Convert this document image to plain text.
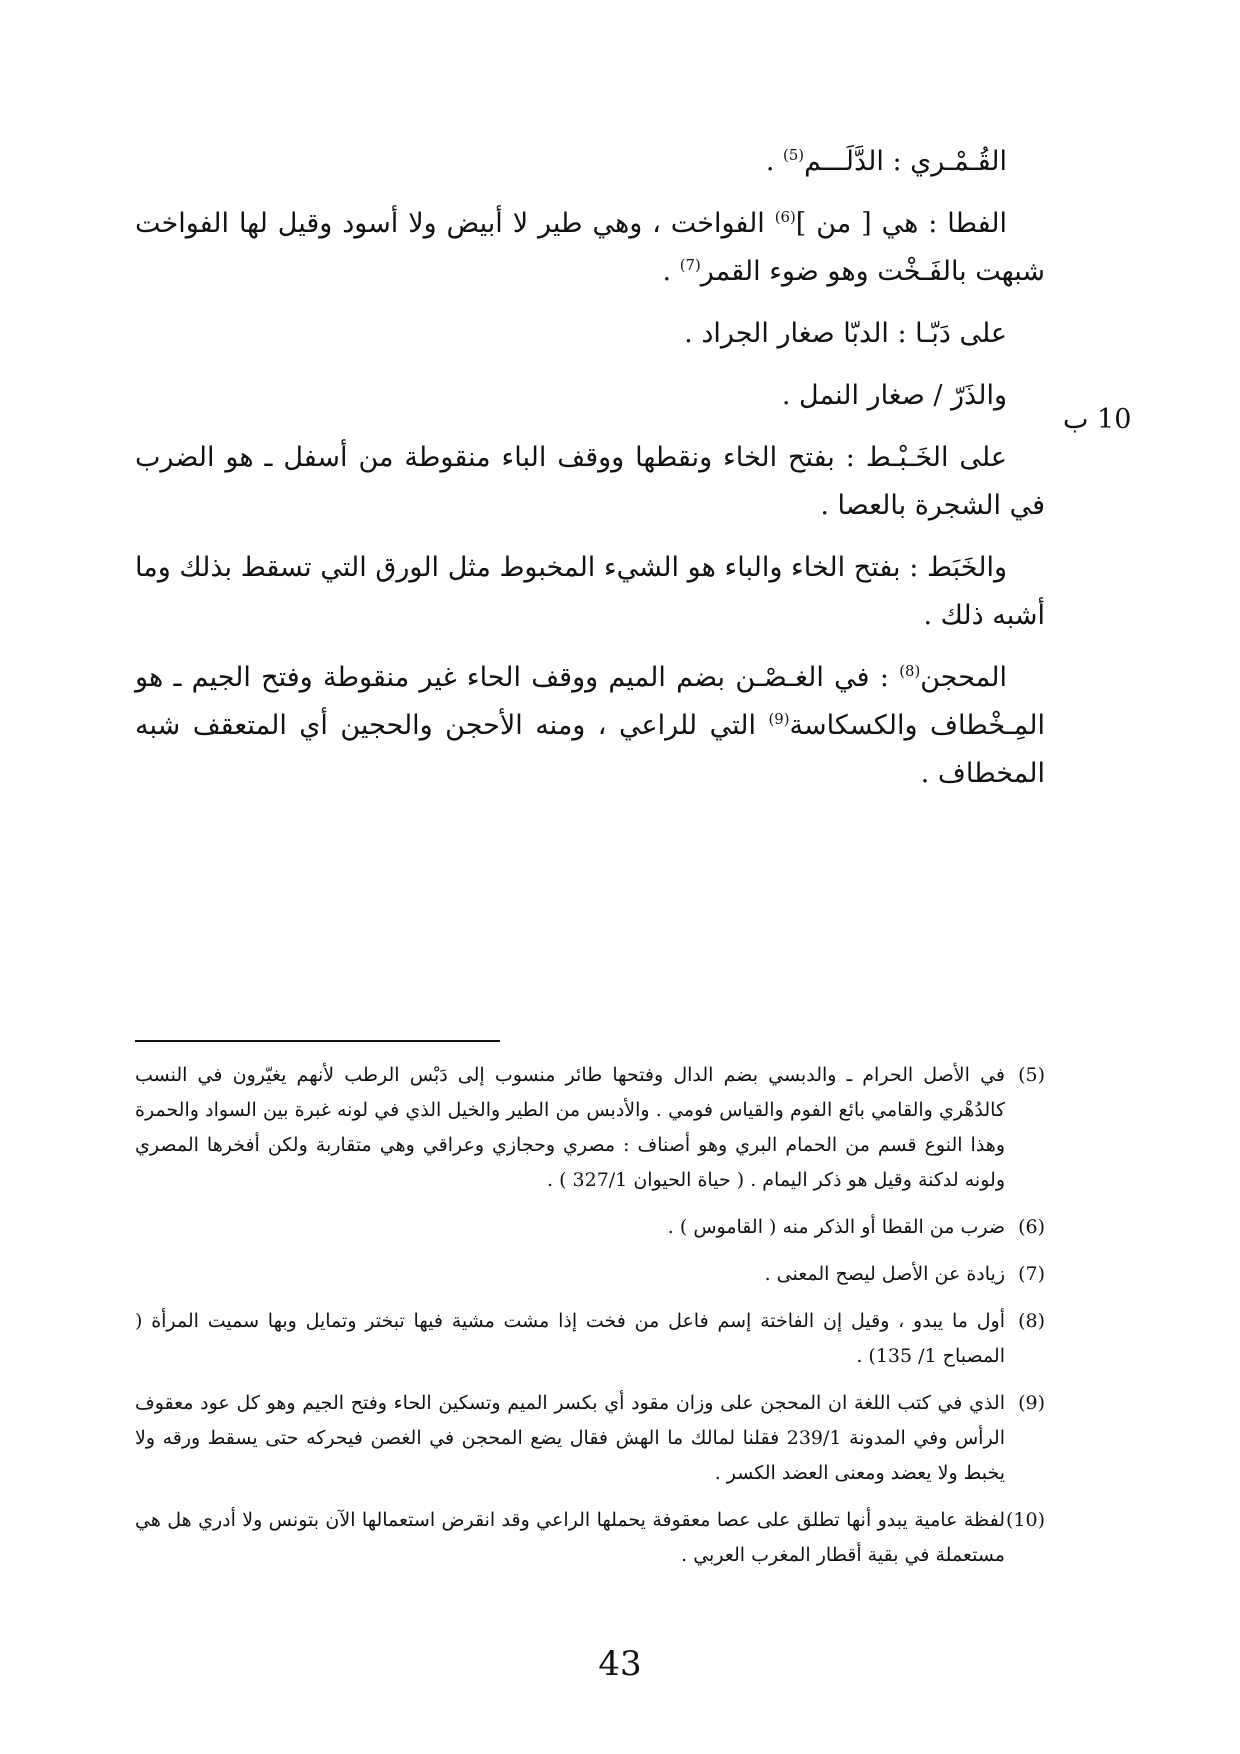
القُـمْـري : الدَّلَـــم$^{(5)}$ .

الفطا : هي [ من ]$^{(6)}$ الفواخت ، وهي طير لا أبيض ولا أسود وقيل لها الفواخت شبهت بالفَـخْت وهو ضوء القمر$^{(7)}$ .

على دَبّـا : الدبّا صغار الجراد .

والذَرّ / صغار النمل .

على الخَـبْـط : بفتح الخاء ونقطها ووقف الباء منقوطة من أسفل ـ هو الضرب في الشجرة بالعصا .

والخَبَط : بفتح الخاء والباء هو الشيء المخبوط مثل الورق التي تسقط بذلك وما أشبه ذلك .

المحجن$^{(8)}$ : في الغـصْـن بضم الميم ووقف الحاء غير منقوطة وفتح الجيم ـ هو المِـخْطاف والكسكاسة$^{(9)}$ التي للراعي ، ومنه الأحجن والحجين أي المتعقف شبه المخطاف .

10 ب

(5)في الأصل الحرام ـ والدبسي بضم الدال وفتحها طائر منسوب إلى دَبْس الرطب لأنهم يغيّرون في النسب كالدُهْري والقامي بائع الفوم والقياس فومي . والأدبس من الطير والخيل الذي في لونه غبرة بين السواد والحمرة وهذا النوع قسم من الحمام البري وهو أصناف : مصري وحجازي وعراقي وهي متقاربة ولكن أفخرها المصري ولونه لدكنة وقيل هو ذكر اليمام . ( حياة الحيوان 327/1 ) .

(6)ضرب من القطا أو الذكر منه ( القاموس ) .

(7)زيادة عن الأصل ليصح المعنى .

(8)أول ما يبدو ، وقيل إن الفاختة إسم فاعل من فخت إذا مشت مشية فيها تبختر وتمايل وبها سميت المرأة ( المصباح 1/ 135) .

(9)الذي في كتب اللغة ان المحجن على وزان مقود أي بكسر الميم وتسكين الحاء وفتح الجيم وهو كل عود معقوف الرأس وفي المدونة 239/1 فقلنا لمالك ما الهش فقال يضع المحجن في الغصن فيحركه حتى يسقط ورقه ولا يخبط ولا يعضد ومعنى العضد الكسر .

(10)لفظة عامية يبدو أنها تطلق على عصا معقوفة يحملها الراعي وقد انقرض استعمالها الآن بتونس ولا أدري هل هي مستعملة في بقية أقطار المغرب العربي .

43
